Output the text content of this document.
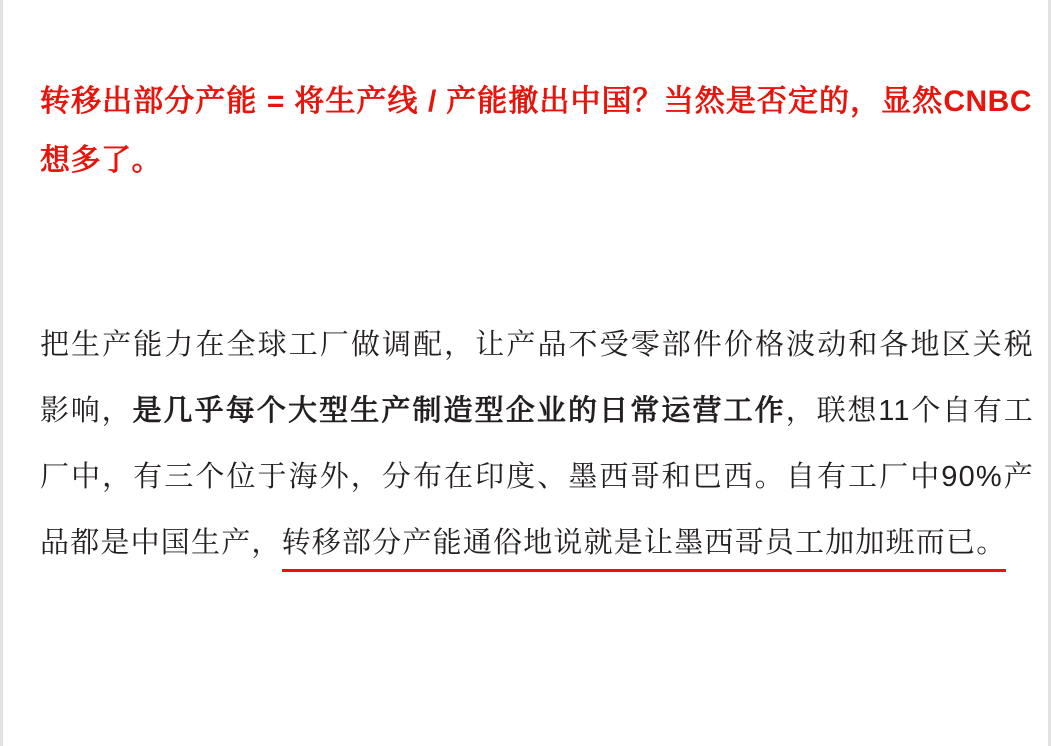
转移出部分产能 = 将生产线 / 产能撤出中国？当然是否定的，显然CNBC想多了。

把生产能力在全球工厂做调配，让产品不受零部件价格波动和各地区关税影响，是几乎每个大型生产制造型企业的日常运营工作，联想11个自有工厂中，有三个位于海外，分布在印度、墨西哥和巴西。自有工厂中90%产品都是中国生产，转移部分产能通俗地说就是让墨西哥员工加加班而已。
